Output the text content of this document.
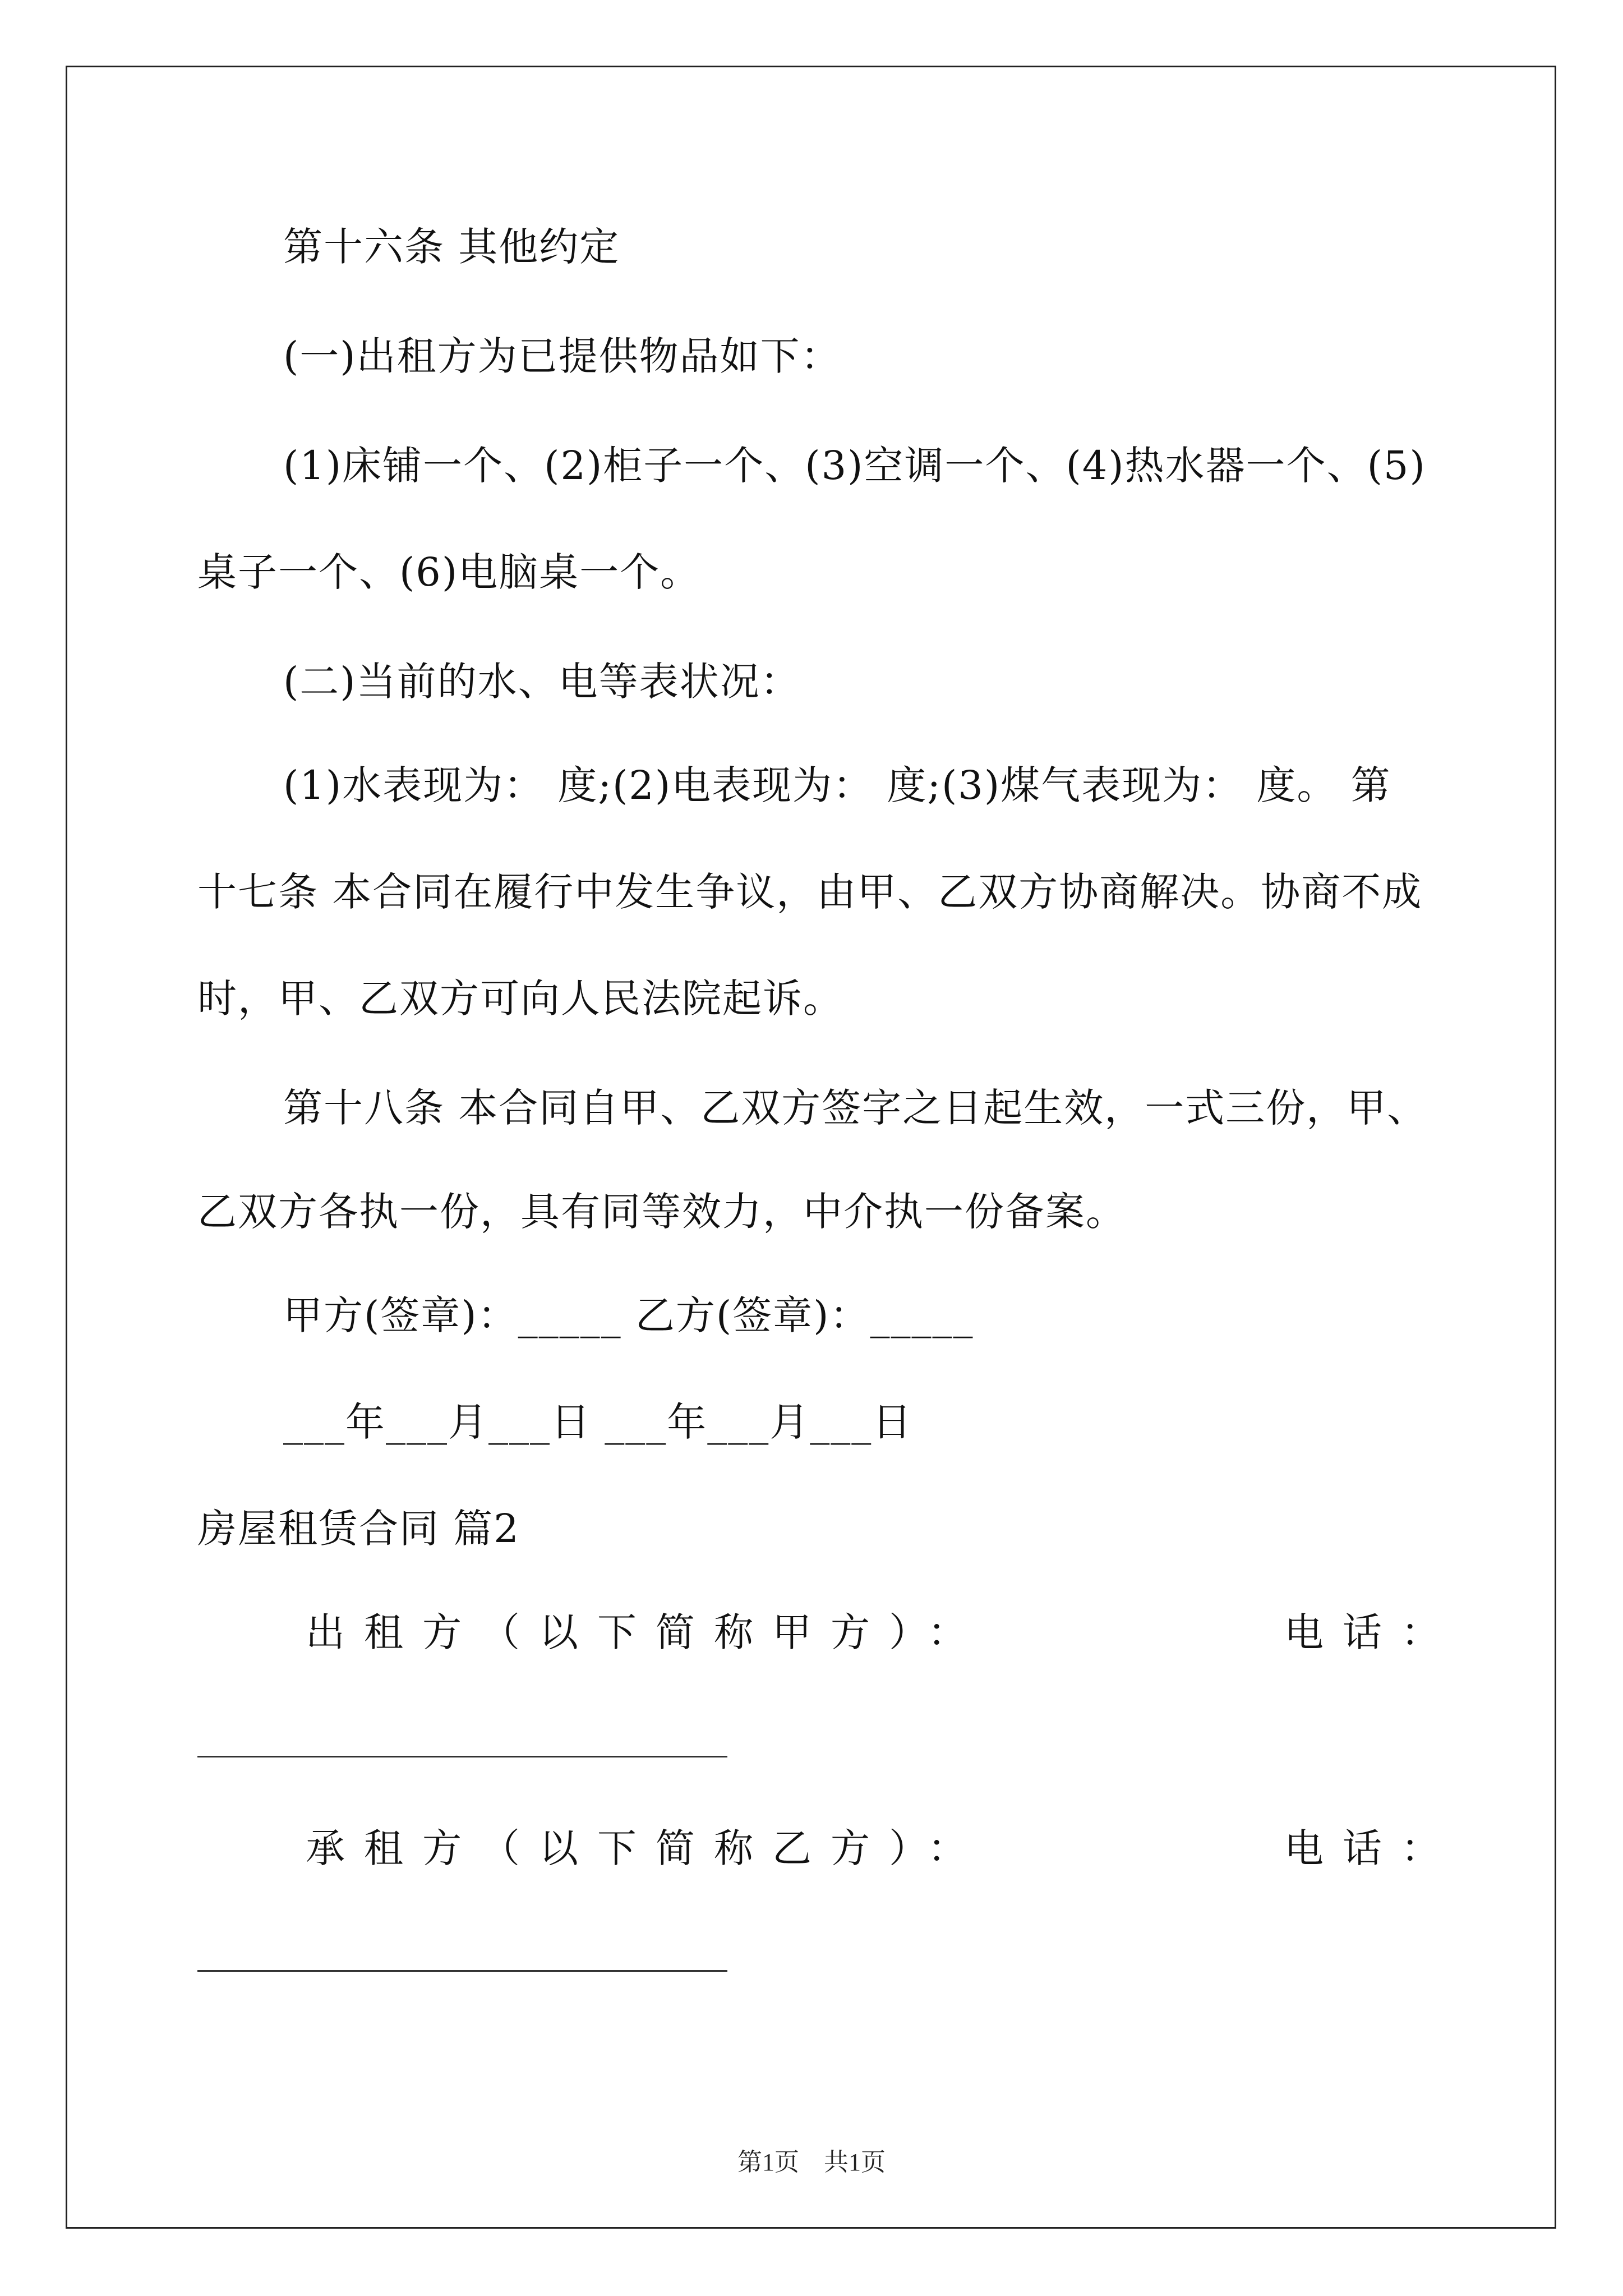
第十六条 其他约定
(一)出租方为已提供物品如下：
(1)床铺一个、(2)柜子一个、(3)空调一个、(4)热水器一个、(5)
桌子一个、(6)电脑桌一个。
(二)当前的水、电等表状况：
(1)水表现为： 度;(2)电表现为： 度;(3)煤气表现为： 度。 第
十七条 本合同在履行中发生争议，由甲、乙双方协商解决。协商不成
时，甲、乙双方可向人民法院起诉。
第十八条 本合同自甲、乙双方签字之日起生效，一式三份，甲、
乙双方各执一份，具有同等效力，中介执一份备案。
甲方(签章)：_____ 乙方(签章)：_____
___年___月___日 ___年___月___日
房屋租赁合同 篇2
出租方（以下简称甲方）：	电话：
承租方（以下简称乙方）：	电话：
第1页　共1页
